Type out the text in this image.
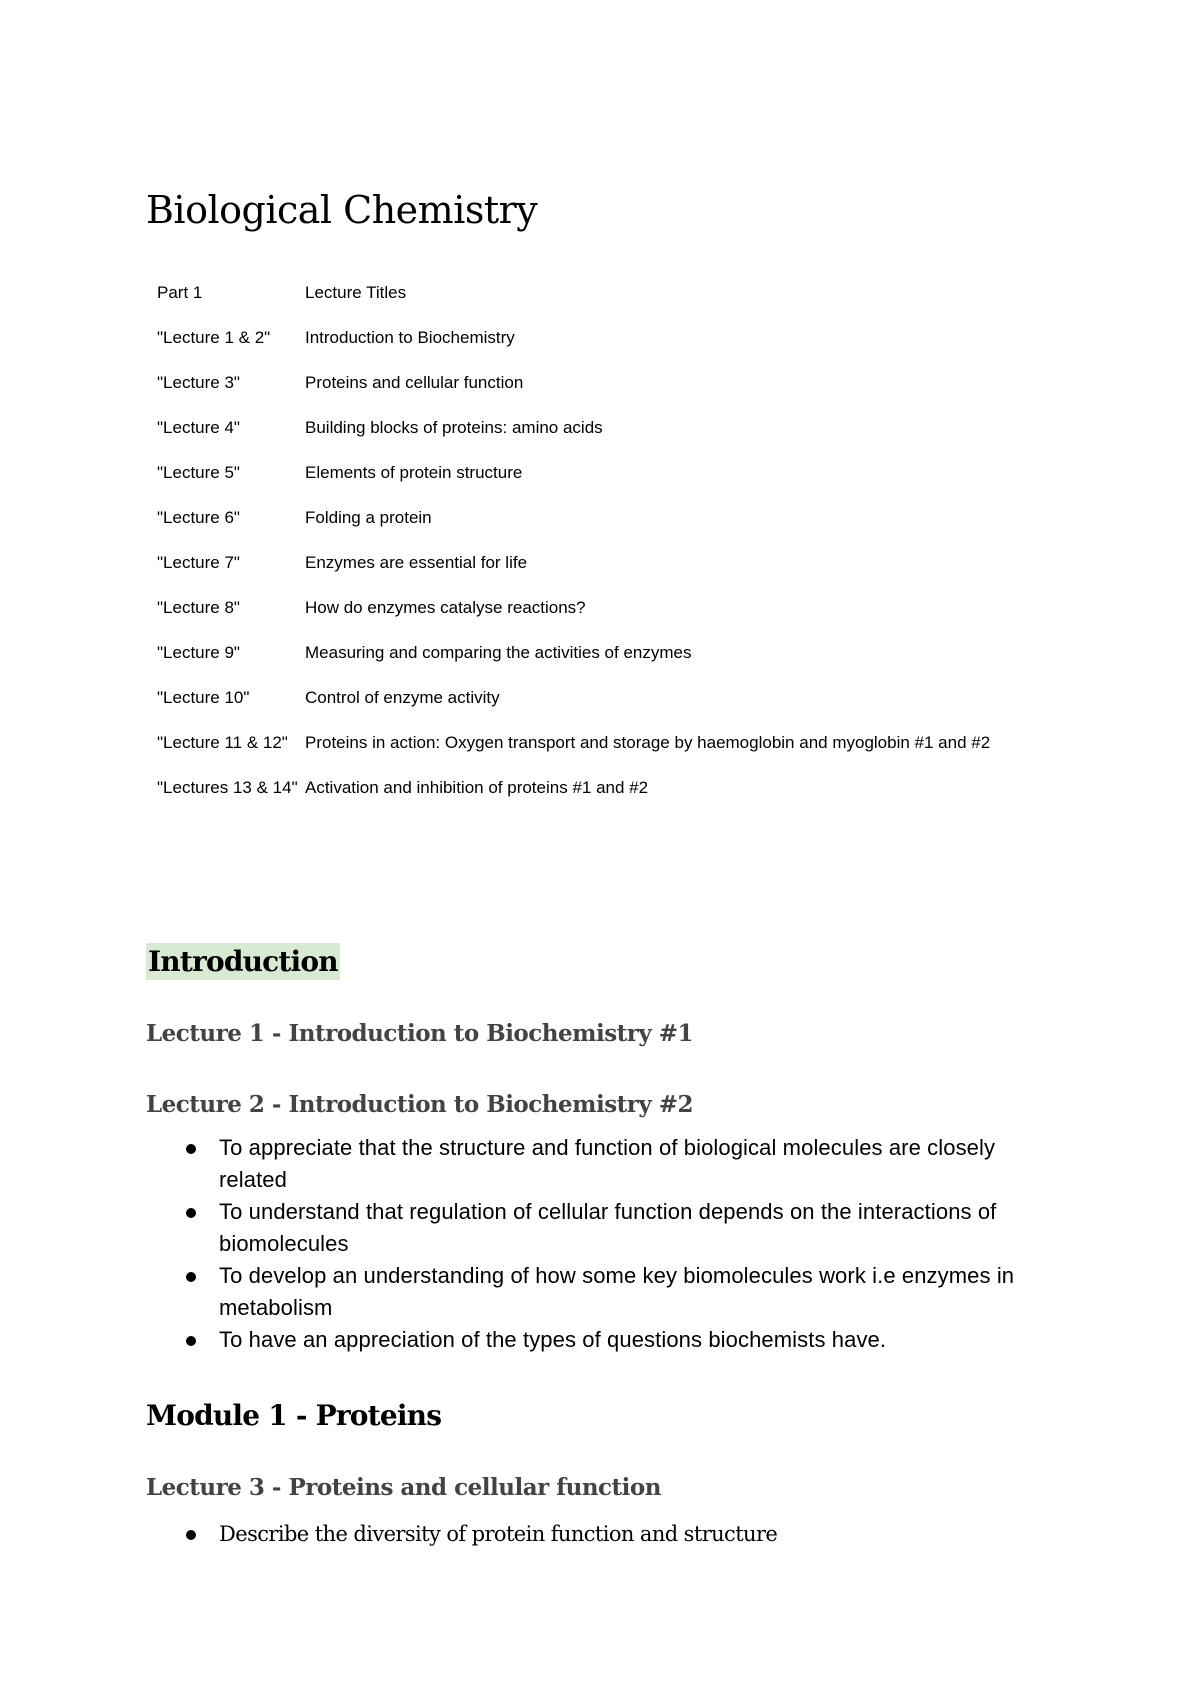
Biological Chemistry
Part 1	Lecture Titles
"Lecture 1 & 2"	Introduction to Biochemistry
"Lecture 3"	Proteins and cellular function
"Lecture 4"	Building blocks of proteins: amino acids
"Lecture 5"	Elements of protein structure
"Lecture 6"	Folding a protein
"Lecture 7"	Enzymes are essential for life
"Lecture 8"	How do enzymes catalyse reactions?
"Lecture 9"	Measuring and comparing the activities of enzymes
"Lecture 10"	Control of enzyme activity
"Lecture 11 & 12"	Proteins in action: Oxygen transport and storage by haemoglobin and myoglobin #1 and #2
"Lectures 13 & 14" Activation and inhibition of proteins #1 and #2
Introduction
Lecture 1 - Introduction to Biochemistry #1
Lecture 2 - Introduction to Biochemistry #2
To appreciate that the structure and function of biological molecules are closely related
To understand that regulation of cellular function depends on the interactions of biomolecules
To develop an understanding of how some key biomolecules work i.e enzymes in metabolism
To have an appreciation of the types of questions biochemists have.
Module 1 - Proteins
Lecture 3 - Proteins and cellular function
Describe the diversity of protein function and structure
